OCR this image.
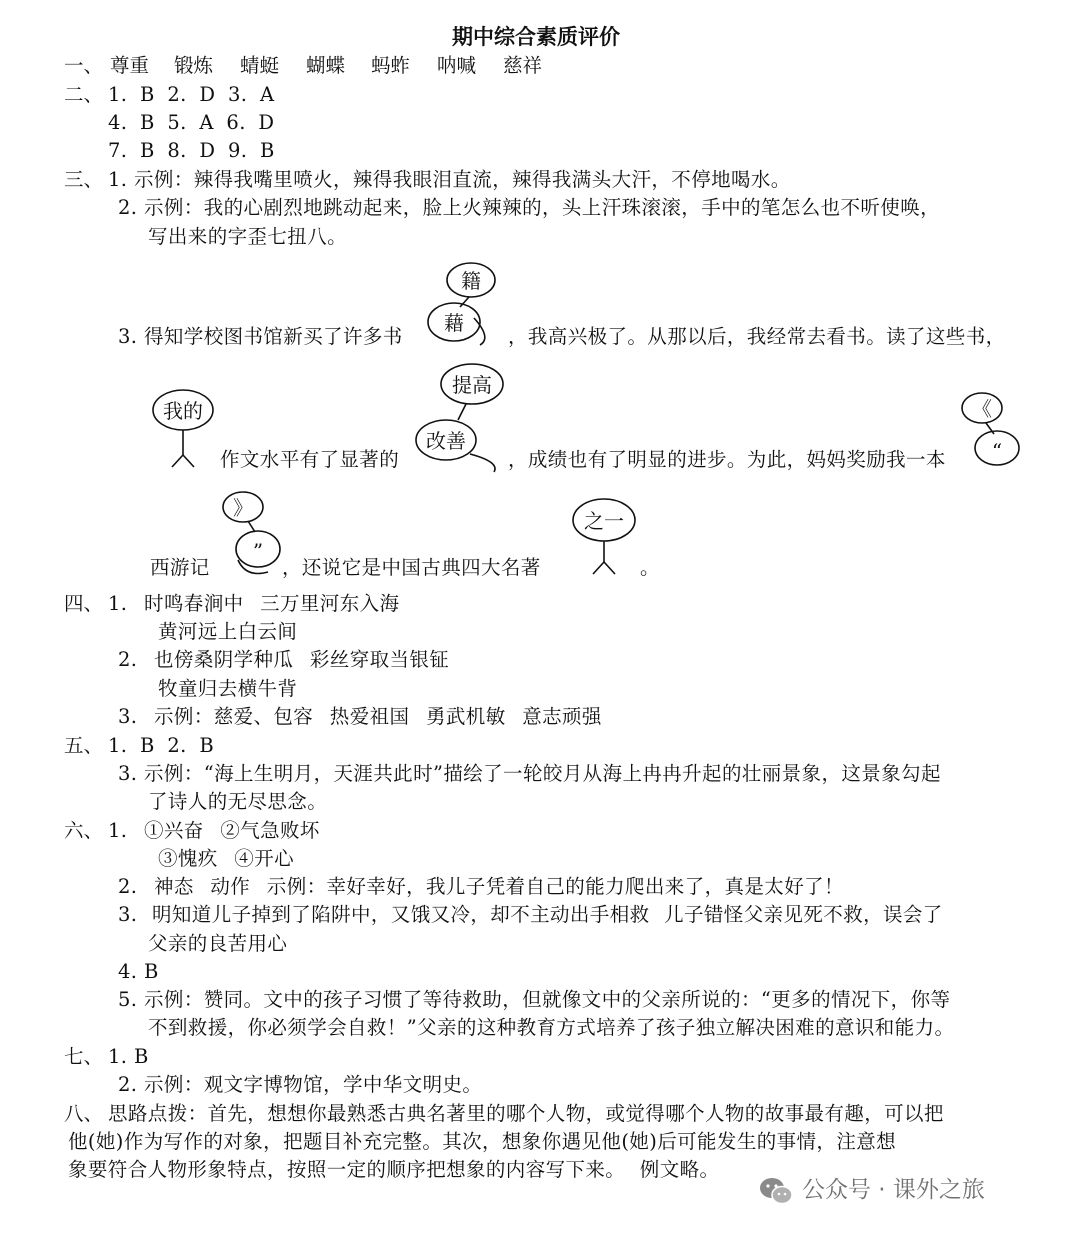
期中综合素质评价
一、 尊重 锻炼 蜻蜓 蝴蝶 蚂蚱 呐喊 慈祥
二、 1. B 2. D 3. A
4. B 5. A 6. D
7. B 8. D 9. B
三、 1. 示例：辣得我嘴里喷火，辣得我眼泪直流，辣得我满头大汗，不停地喝水。
2. 示例：我的心剧烈地跳动起来，脸上火辣辣的，头上汗珠滚滚，手中的笔怎么也不听使唤，
写出来的字歪七扭八。
3. 得知学校图书馆新买了许多书	，我高兴极了。从那以后，我经常去看书。读了这些书，
作文水平有了显著的	，成绩也有了明显的进步。为此，妈妈奖励我一本
西游记	，还说它是中国古典四大名著	。
籍
藉
我的
提高
改善
《
“
》
”
之一
四、 1. 时鸣春涧中 三万里河东入海
黄河远上白云间
2. 也傍桑阴学种瓜 彩丝穿取当银钲
牧童归去横牛背
3. 示例：慈爱、包容 热爱祖国 勇武机敏 意志顽强
五、 1. B 2. B
3. 示例：“海上生明月，天涯共此时”描绘了一轮皎月从海上冉冉升起的壮丽景象，这景象勾起
了诗人的无尽思念。
六、 1. ①兴奋 ②气急败坏
③愧疚 ④开心
2. 神态 动作 示例：幸好幸好，我儿子凭着自己的能力爬出来了，真是太好了！
3. 明知道儿子掉到了陷阱中，又饿又冷，却不主动出手相救 儿子错怪父亲见死不救，误会了
父亲的良苦用心
4. B
5. 示例：赞同。文中的孩子习惯了等待救助，但就像文中的父亲所说的：“更多的情况下，你等
不到救援，你必须学会自救！”父亲的这种教育方式培养了孩子独立解决困难的意识和能力。
七、 1. B
2. 示例：观文字博物馆，学中华文明史。
八、 思路点拨：首先，想想你最熟悉古典名著里的哪个人物，或觉得哪个人物的故事最有趣，可以把
他(她)作为写作的对象，把题目补充完整。其次，想象你遇见他(她)后可能发生的事情，注意想
象要符合人物形象特点，按照一定的顺序把想象的内容写下来。 例文略。
公众号 · 课外之旅
